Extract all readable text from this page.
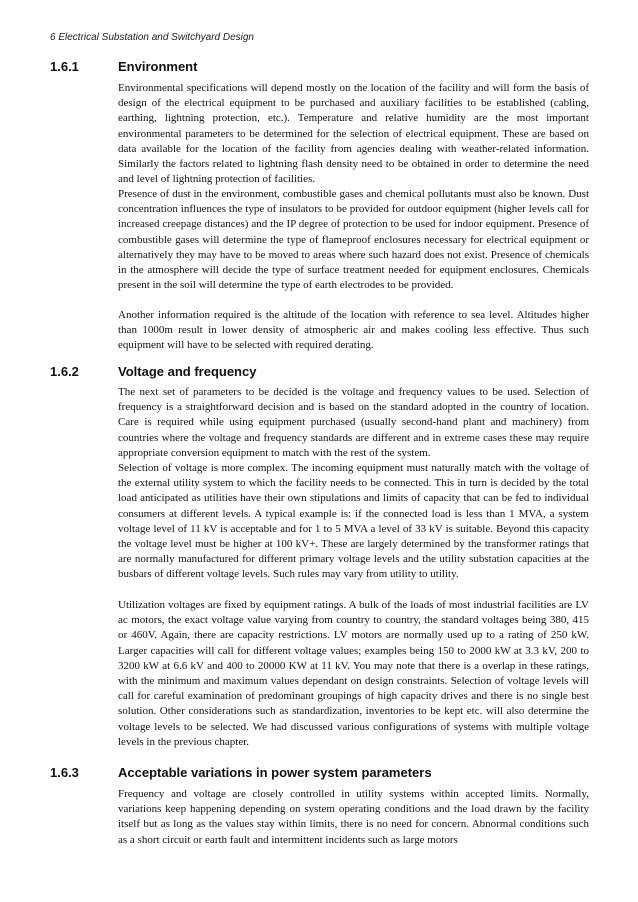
6 Electrical Substation and Switchyard Design
1.6.1	Environment

Environmental specifications will depend mostly on the location of the facility and will form the basis of design of the electrical equipment to be purchased and auxiliary facilities to be established (cabling, earthing, lightning protection, etc.). Temperature and relative humidity are the most important environmental parameters to be determined for the selection of electrical equipment. These are based on data available for the location of the facility from agencies dealing with weather-related information. Similarly the factors related to lightning flash density need to be obtained in order to determine the need and level of lightning protection of facilities.

Presence of dust in the environment, combustible gases and chemical pollutants must also be known. Dust concentration influences the type of insulators to be provided for outdoor equipment (higher levels call for increased creepage distances) and the IP degree of protection to be used for indoor equipment. Presence of combustible gases will determine the type of flameproof enclosures necessary for electrical equipment or alternatively they may have to be moved to areas where such hazard does not exist. Presence of chemicals in the atmosphere will decide the type of surface treatment needed for equipment enclosures. Chemicals present in the soil will determine the type of earth electrodes to be provided.

Another information required is the altitude of the location with reference to sea level. Altitudes higher than 1000m result in lower density of atmospheric air and makes cooling less effective. Thus such equipment will have to be selected with required derating.

1.6.2	Voltage and frequency

The next set of parameters to be decided is the voltage and frequency values to be used. Selection of frequency is a straightforward decision and is based on the standard adopted in the country of location. Care is required while using equipment purchased (usually second-hand plant and machinery) from countries where the voltage and frequency standards are different and in extreme cases these may require appropriate conversion equipment to match with the rest of the system.

Selection of voltage is more complex. The incoming equipment must naturally match with the voltage of the external utility system to which the facility needs to be connected. This in turn is decided by the total load anticipated as utilities have their own stipulations and limits of capacity that can be fed to individual consumers at different levels. A typical example is: if the connected load is less than 1 MVA, a system voltage level of 11 kV is acceptable and for 1 to 5 MVA a level of 33 kV is suitable. Beyond this capacity the voltage level must be higher at 100 kV+. These are largely determined by the transformer ratings that are normally manufactured for different primary voltage levels and the utility substation capacities at the busbars of different voltage levels. Such rules may vary from utility to utility.

Utilization voltages are fixed by equipment ratings. A bulk of the loads of most industrial facilities are LV ac motors, the exact voltage value varying from country to country, the standard voltages being 380, 415 or 460V. Again, there are capacity restrictions. LV motors are normally used up to a rating of 250 kW. Larger capacities will call for different voltage values; examples being 150 to 2000 kW at 3.3 kV, 200 to 3200 kW at 6.6 kV and 400 to 20000 KW at 11 kV. You may note that there is a overlap in these ratings, with the minimum and maximum values dependant on design constraints. Selection of voltage levels will call for careful examination of predominant groupings of high capacity drives and there is no single best solution. Other considerations such as standardization, inventories to be kept etc. will also determine the voltage levels to be selected. We had discussed various configurations of systems with multiple voltage levels in the previous chapter.

1.6.3	Acceptable variations in power system parameters

Frequency and voltage are closely controlled in utility systems within accepted limits. Normally, variations keep happening depending on system operating conditions and the load drawn by the facility itself but as long as the values stay within limits, there is no need for concern. Abnormal conditions such as a short circuit or earth fault and intermittent incidents such as large motors
